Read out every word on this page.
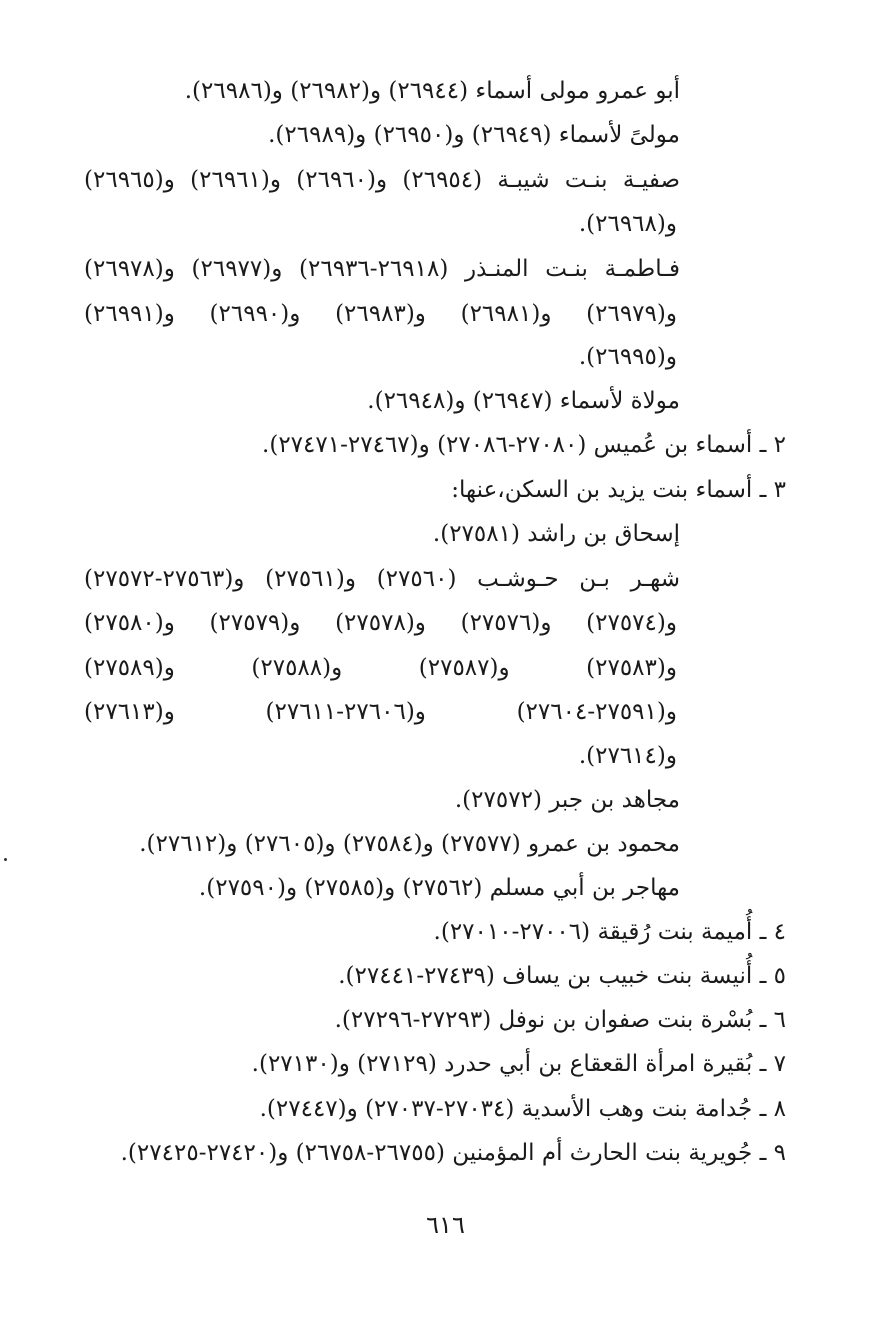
أبو عمرو مولى أسماء (٢٦٩٤٤) و(٢٦٩٨٢) و(٢٦٩٨٦).
مولىً لأسماء (٢٦٩٤٩) و(٢٦٩٥٠) و(٢٦٩٨٩).
صفيـة بنـت شيبـة (٢٦٩٥٤) و(٢٦٩٦٠) و(٢٦٩٦١) و(٢٦٩٦٥)
و(٢٦٩٦٨).
فـاطمـة بنـت المنـذر (٢٦٩١٨-٢٦٩٣٦) و(٢٦٩٧٧) و(٢٦٩٧٨)
و(٢٦٩٧٩) و(٢٦٩٨١) و(٢٦٩٨٣) و(٢٦٩٩٠) و(٢٦٩٩١)
و(٢٦٩٩٥).
مولاة لأسماء (٢٦٩٤٧) و(٢٦٩٤٨).
٢ ـ أسماء بن عُميس (٢٧٠٨٠-٢٧٠٨٦) و(٢٧٤٦٧-٢٧٤٧١).
٣ ـ أسماء بنت يزيد بن السكن،عنها:
إسحاق بن راشد (٢٧٥٨١).
شهـر بـن حـوشـب (٢٧٥٦٠) و(٢٧٥٦١) و(٢٧٥٦٣-٢٧٥٧٢)
و(٢٧٥٧٤) و(٢٧٥٧٦) و(٢٧٥٧٨) و(٢٧٥٧٩) و(٢٧٥٨٠)
و(٢٧٥٨٣) و(٢٧٥٨٧) و(٢٧٥٨٨) و(٢٧٥٨٩)
و(٢٧٥٩١-٢٧٦٠٤) و(٢٧٦٠٦-٢٧٦١١) و(٢٧٦١٣)
و(٢٧٦١٤).
مجاهد بن جبر (٢٧٥٧٢).
محمود بن عمرو (٢٧٥٧٧) و(٢٧٥٨٤) و(٢٧٦٠٥) و(٢٧٦١٢).
مهاجر بن أبي مسلم (٢٧٥٦٢) و(٢٧٥٨٥) و(٢٧٥٩٠).
٤ ـ أُميمة بنت رُقيقة (٢٧٠٠٦-٢٧٠١٠).
٥ ـ أُنيسة بنت خبيب بن يساف (٢٧٤٣٩-٢٧٤٤١).
٦ ـ بُسْرة بنت صفوان بن نوفل (٢٧٢٩٣-٢٧٢٩٦).
٧ ـ بُقيرة امرأة القعقاع بن أبي حدرد (٢٧١٢٩) و(٢٧١٣٠).
٨ ـ جُدامة بنت وهب الأسدية (٢٧٠٣٤-٢٧٠٣٧) و(٢٧٤٤٧).
٩ ـ جُويرية بنت الحارث أم المؤمنين (٢٦٧٥٥-٢٦٧٥٨) و(٢٧٤٢٠-٢٧٤٢٥).
٦١٦
